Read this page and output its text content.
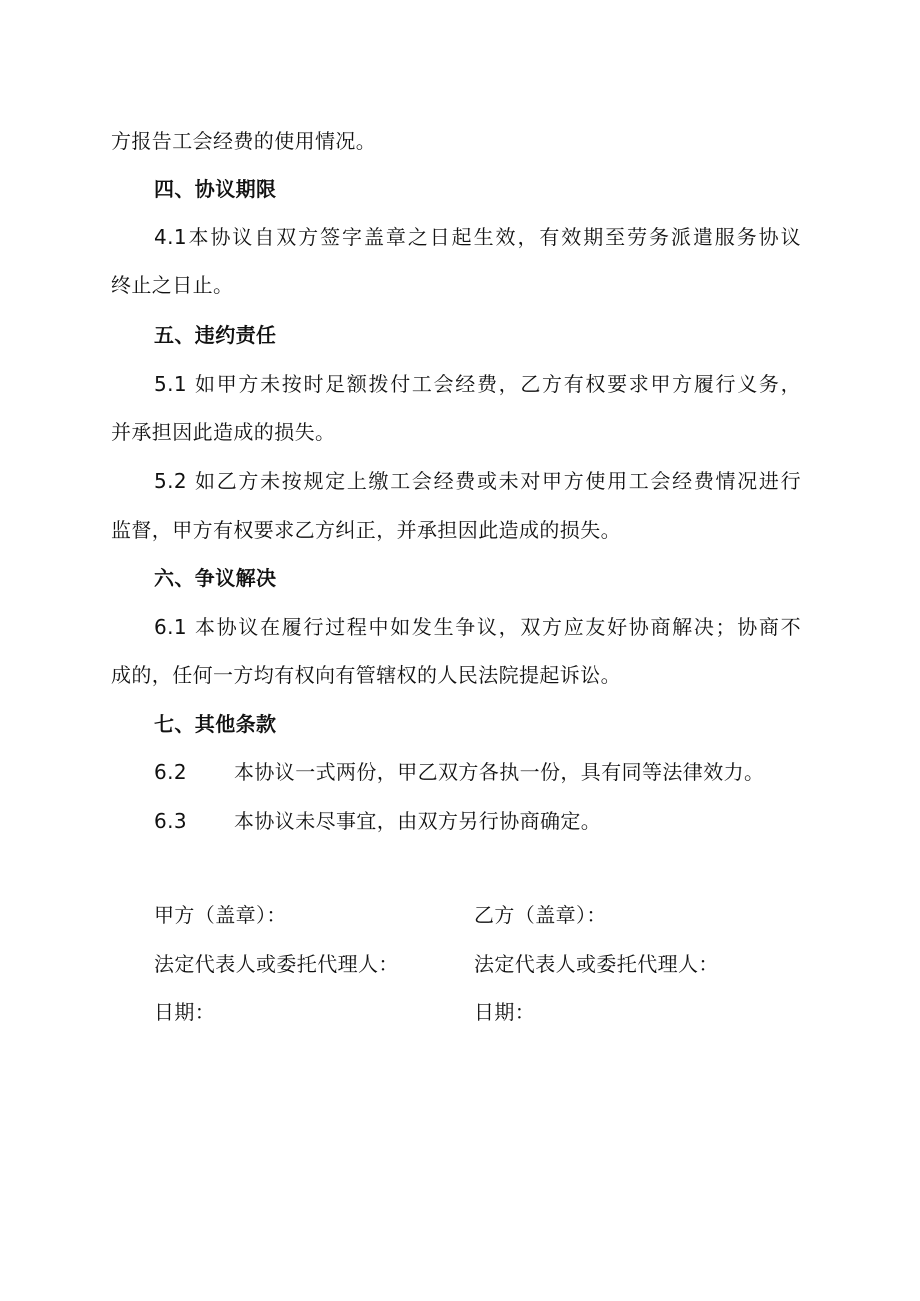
方报告工会经费的使用情况。
四、协议期限
4.1本协议自双方签字盖章之日起生效，有效期至劳务派遣服务协议
终止之日止。
五、违约责任
5.1 如甲方未按时足额拨付工会经费，乙方有权要求甲方履行义务，
并承担因此造成的损失。
5.2 如乙方未按规定上缴工会经费或未对甲方使用工会经费情况进行
监督，甲方有权要求乙方纠正，并承担因此造成的损失。
六、争议解决
6.1 本协议在履行过程中如发生争议，双方应友好协商解决；协商不
成的，任何一方均有权向有管辖权的人民法院提起诉讼。
七、其他条款
6.2 本协议一式两份，甲乙双方各执一份，具有同等法律效力。
6.3 本协议未尽事宜，由双方另行协商确定。
甲方（盖章）：	乙方（盖章）：
法定代表人或委托代理人：	法定代表人或委托代理人：
日期：	日期：
